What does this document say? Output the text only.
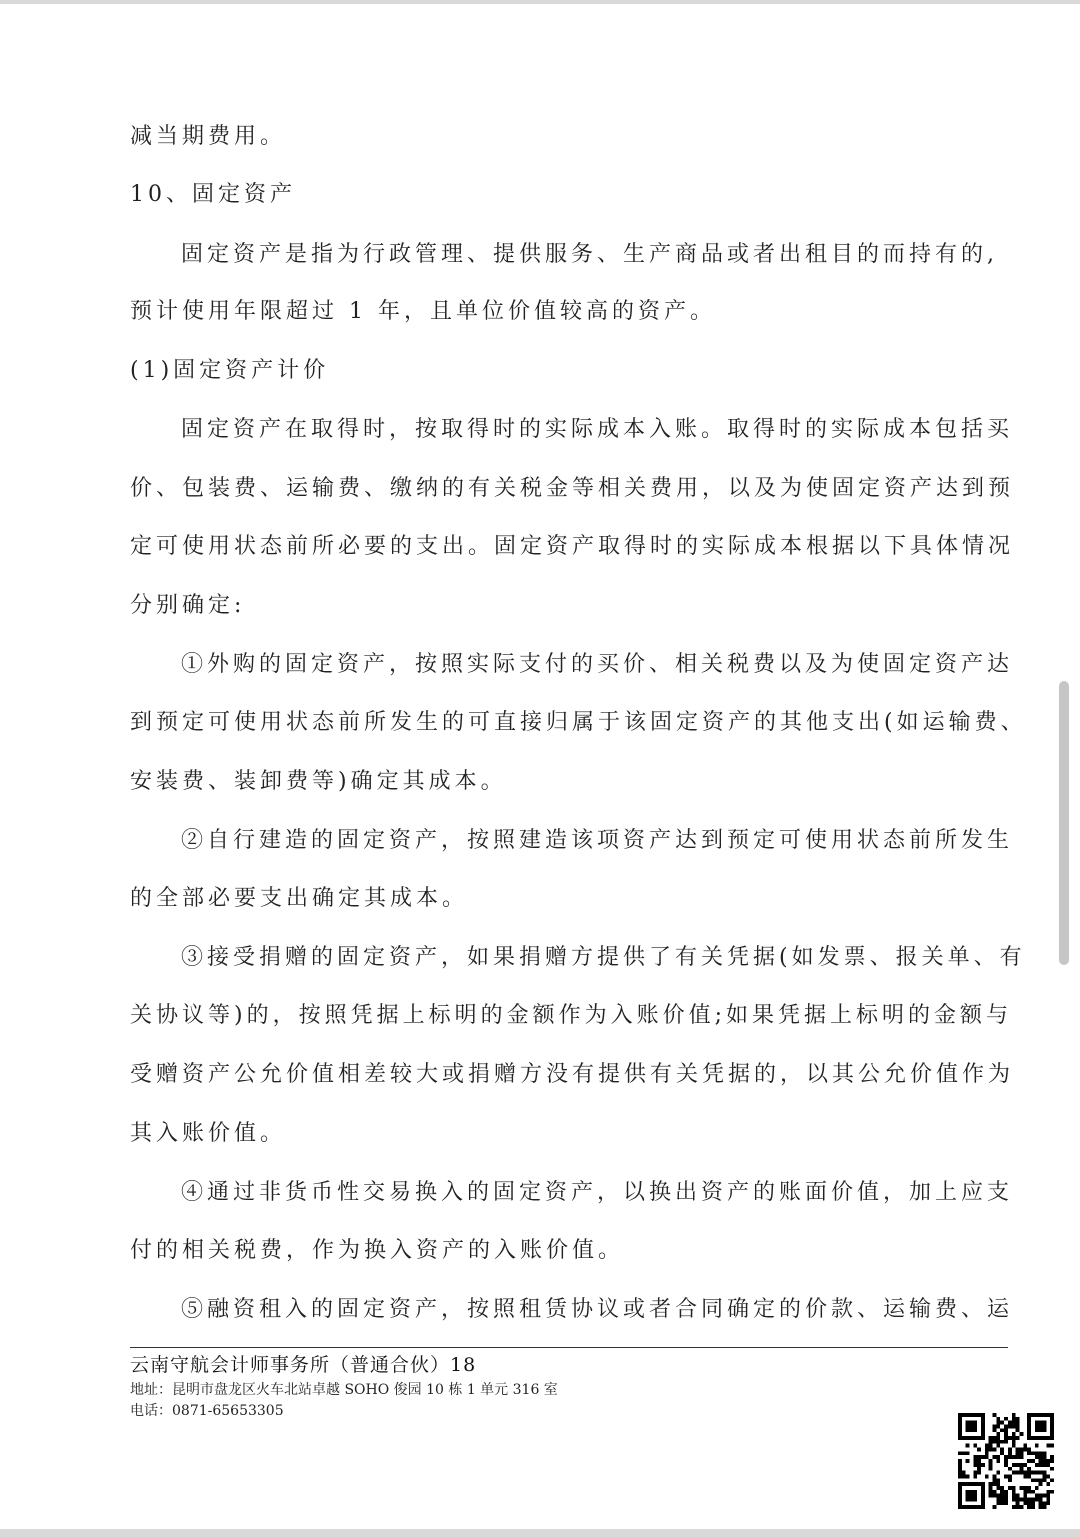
减当期费用。
10、固定资产
固定资产是指为行政管理、提供服务、生产商品或者出租目的而持有的,
预计使用年限超过 1 年，且单位价值较高的资产。
(1)固定资产计价
固定资产在取得时，按取得时的实际成本入账。取得时的实际成本包括买
价、包装费、运输费、缴纳的有关税金等相关费用，以及为使固定资产达到预
定可使用状态前所必要的支出。固定资产取得时的实际成本根据以下具体情况
分别确定:
①外购的固定资产，按照实际支付的买价、相关税费以及为使固定资产达
到预定可使用状态前所发生的可直接归属于该固定资产的其他支出(如运输费、
安装费、装卸费等)确定其成本。
②自行建造的固定资产，按照建造该项资产达到预定可使用状态前所发生
的全部必要支出确定其成本。
③接受捐赠的固定资产，如果捐赠方提供了有关凭据(如发票、报关单、有
关协议等)的，按照凭据上标明的金额作为入账价值;如果凭据上标明的金额与
受赠资产公允价值相差较大或捐赠方没有提供有关凭据的，以其公允价值作为
其入账价值。
④通过非货币性交易换入的固定资产，以换出资产的账面价值，加上应支
付的相关税费，作为换入资产的入账价值。
⑤融资租入的固定资产，按照租赁协议或者合同确定的价款、运输费、运
云南守航会计师事务所（普通合伙）18
地址：昆明市盘龙区火车北站卓越 SOHO 俊园 10 栋 1 单元 316 室
电话：0871-65653305
